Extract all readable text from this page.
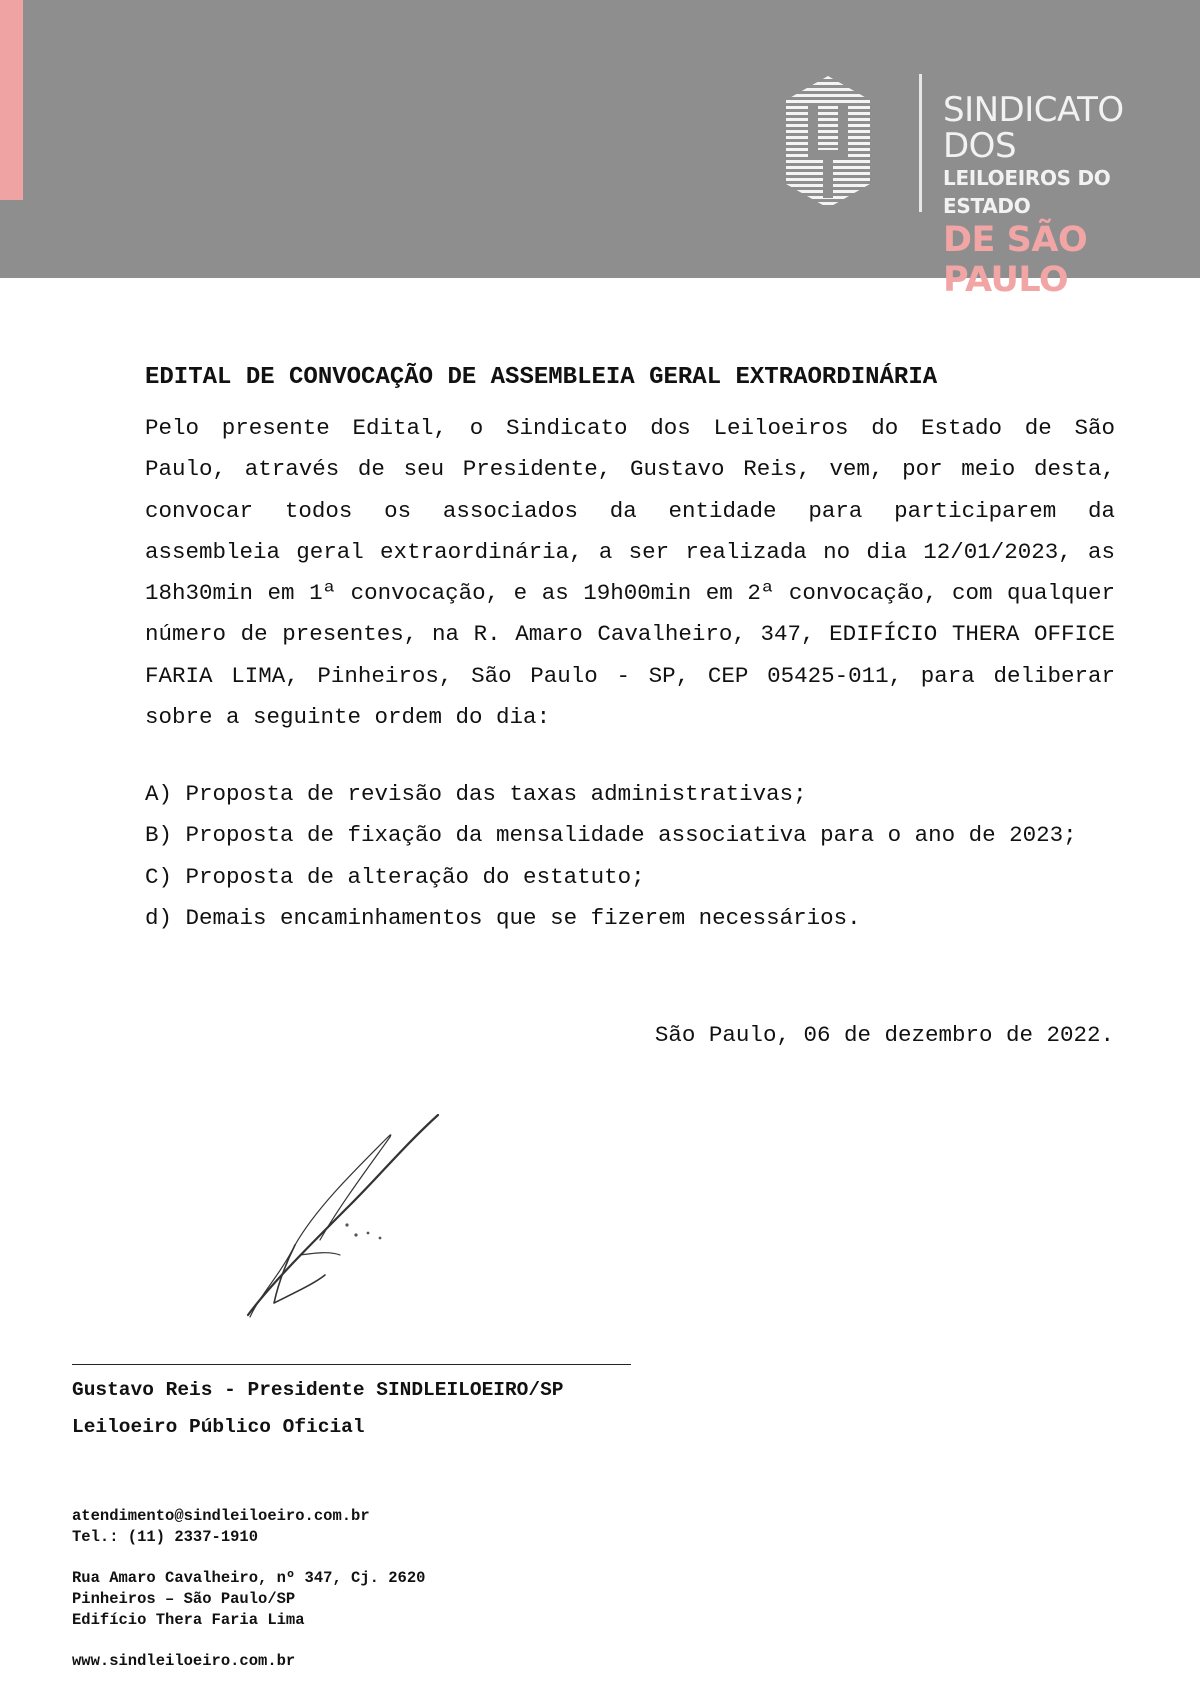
SINDICATO DOS
LEILOEIROS DO ESTADO
DE SÃO PAULO
EDITAL DE CONVOCAÇÃO DE ASSEMBLEIA GERAL EXTRAORDINÁRIA
Pelo presente Edital, o Sindicato dos Leiloeiros do Estado de São Paulo, através de seu Presidente, Gustavo Reis, vem, por meio desta, convocar todos os associados da entidade para participarem da assembleia geral extraordinária, a ser realizada no dia 12/01/2023, as 18h30min em 1ª convocação, e as 19h00min em 2ª convocação, com qualquer número de presentes, na R. Amaro Cavalheiro, 347, EDIFÍCIO THERA OFFICE FARIA LIMA, Pinheiros, São Paulo - SP, CEP 05425-011, para deliberar sobre a seguinte ordem do dia:
A) Proposta de revisão das taxas administrativas;
B) Proposta de fixação da mensalidade associativa para o ano de 2023;
C) Proposta de alteração do estatuto;
d) Demais encaminhamentos que se fizerem necessários.
São Paulo, 06 de dezembro de 2022.
Gustavo Reis - Presidente SINDLEILOEIRO/SP
Leiloeiro Público Oficial
atendimento@sindleiloeiro.com.br
Tel.: (11) 2337-1910
Rua Amaro Cavalheiro, nº 347, Cj. 2620
Pinheiros – São Paulo/SP
Edifício Thera Faria Lima
www.sindleiloeiro.com.br
